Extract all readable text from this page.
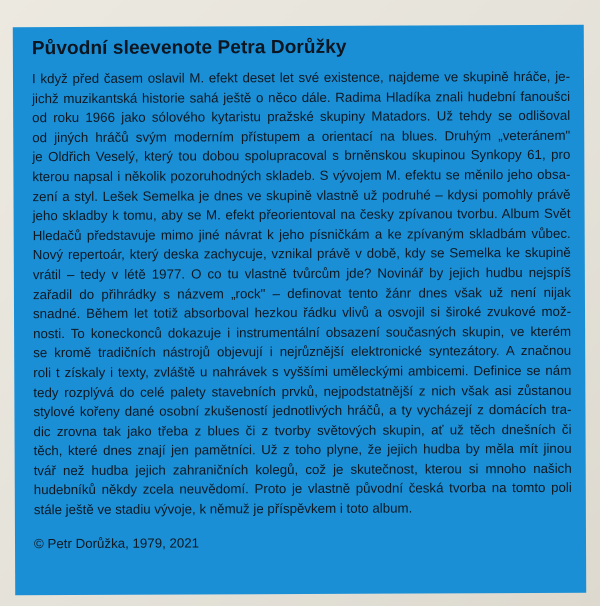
Původní sleevenote Petra Dorůžky
I když před časem oslavil M. efekt deset let své existence, najdeme ve skupině hráče, je-
jichž muzikantská historie sahá ještě o něco dále. Radima Hladíka znali hudební fanoušci
od roku 1966 jako sólového kytaristu pražské skupiny Matadors. Už tehdy se odlišoval
od jiných hráčů svým moderním přístupem a orientací na blues. Druhým „veteránem"
je Oldřich Veselý, který tou dobou spolupracoval s brněnskou skupinou Synkopy 61, pro
kterou napsal i několik pozoruhodných skladeb. S vývojem M. efektu se měnilo jeho obsa-
zení a styl. Lešek Semelka je dnes ve skupině vlastně už podruhé – kdysi pomohly právě
jeho skladby k tomu, aby se M. efekt přeorientoval na česky zpívanou tvorbu. Album Svět
Hledačů představuje mimo jiné návrat k jeho písničkám a ke zpívaným skladbám vůbec.
Nový repertoár, který deska zachycuje, vznikal právě v době, kdy se Semelka ke skupině
vrátil – tedy v létě 1977. O co tu vlastně tvůrcům jde? Novinář by jejich hudbu nejspíš
zařadil do přihrádky s názvem „rock" – definovat tento žánr dnes však už není nijak
snadné. Během let totiž absorboval hezkou řádku vlivů a osvojil si široké zvukové mož-
nosti. To koneckonců dokazuje i instrumentální obsazení současných skupin, ve kterém
se kromě tradičních nástrojů objevují i nejrůznější elektronické syntezátory. A značnou
roli t získaly i texty, zvláště u nahrávek s vyššími uměleckými ambicemi. Definice se nám
tedy rozplývá do celé palety stavebních prvků, nejpodstatnější z nich však asi zůstanou
stylové kořeny dané osobní zkušeností jednotlivých hráčů, a ty vycházejí z domácích tra-
dic zrovna tak jako třeba z blues či z tvorby světových skupin, ať už těch dnešních či
těch, které dnes znají jen pamětníci. Už z toho plyne, že jejich hudba by měla mít jinou
tvář než hudba jejich zahraničních kolegů, což je skutečnost, kterou si mnoho našich
hudebníků někdy zcela neuvědomí. Proto je vlastně původní česká tvorba na tomto poli
stále ještě ve stadiu vývoje, k němuž je příspěvkem i toto album.
© Petr Dorůžka, 1979, 2021
